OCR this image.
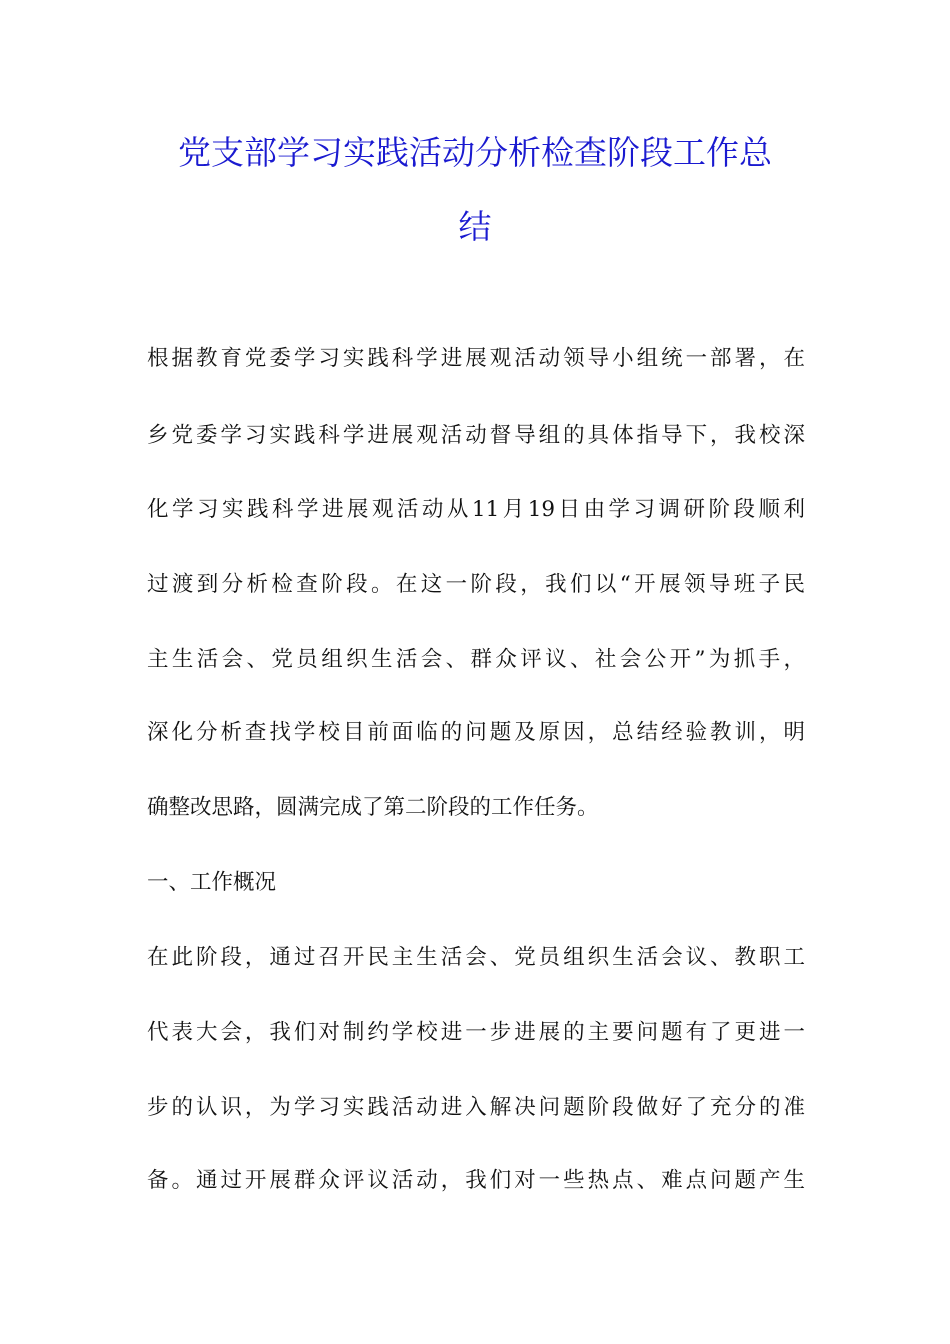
党支部学习实践活动分析检查阶段工作总
结
根据教育党委学习实践科学进展观活动领导小组统一部署，在
乡党委学习实践科学进展观活动督导组的具体指导下，我校深
化学习实践科学进展观活动从11月19日由学习调研阶段顺利
过渡到分析检查阶段。在这一阶段，我们以“开展领导班子民
主生活会、党员组织生活会、群众评议、社会公开”为抓手，
深化分析查找学校目前面临的问题及原因，总结经验教训，明
确整改思路，圆满完成了第二阶段的工作任务。
一、工作概况
在此阶段，通过召开民主生活会、党员组织生活会议、教职工
代表大会，我们对制约学校进一步进展的主要问题有了更进一
步的认识，为学习实践活动进入解决问题阶段做好了充分的准
备。通过开展群众评议活动，我们对一些热点、难点问题产生
